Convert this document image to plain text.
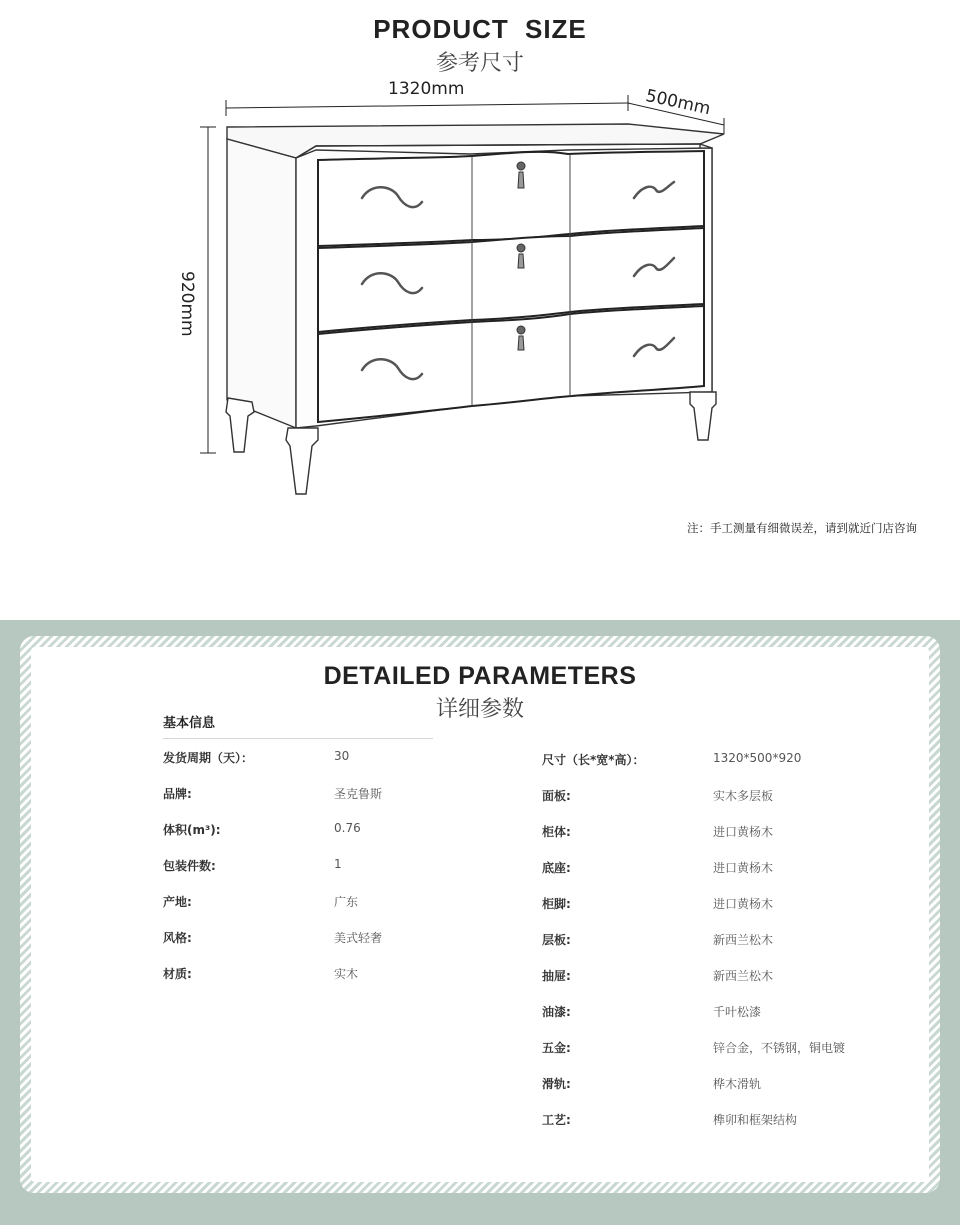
PRODUCT SIZE
参考尺寸
1320mm	500mm
920mm
注：手工测量有细微误差，请到就近门店咨询
DETAILED PARAMETERS
详细参数
基本信息
发货周期（天）：	30
品牌:	圣克鲁斯
体积(m³):	0.76
包装件数:	1
产地:	广东
风格:	美式轻奢
材质:	实木
尺寸（长*宽*高）：	1320*500*920
面板:	实木多层板
柜体:	进口黄杨木
底座:	进口黄杨木
柜脚:	进口黄杨木
层板:	新西兰松木
抽屉:	新西兰松木
油漆:	千叶松漆
五金:	锌合金，不锈钢，铜电镀
滑轨:	桦木滑轨
工艺:	榫卯和框架结构
